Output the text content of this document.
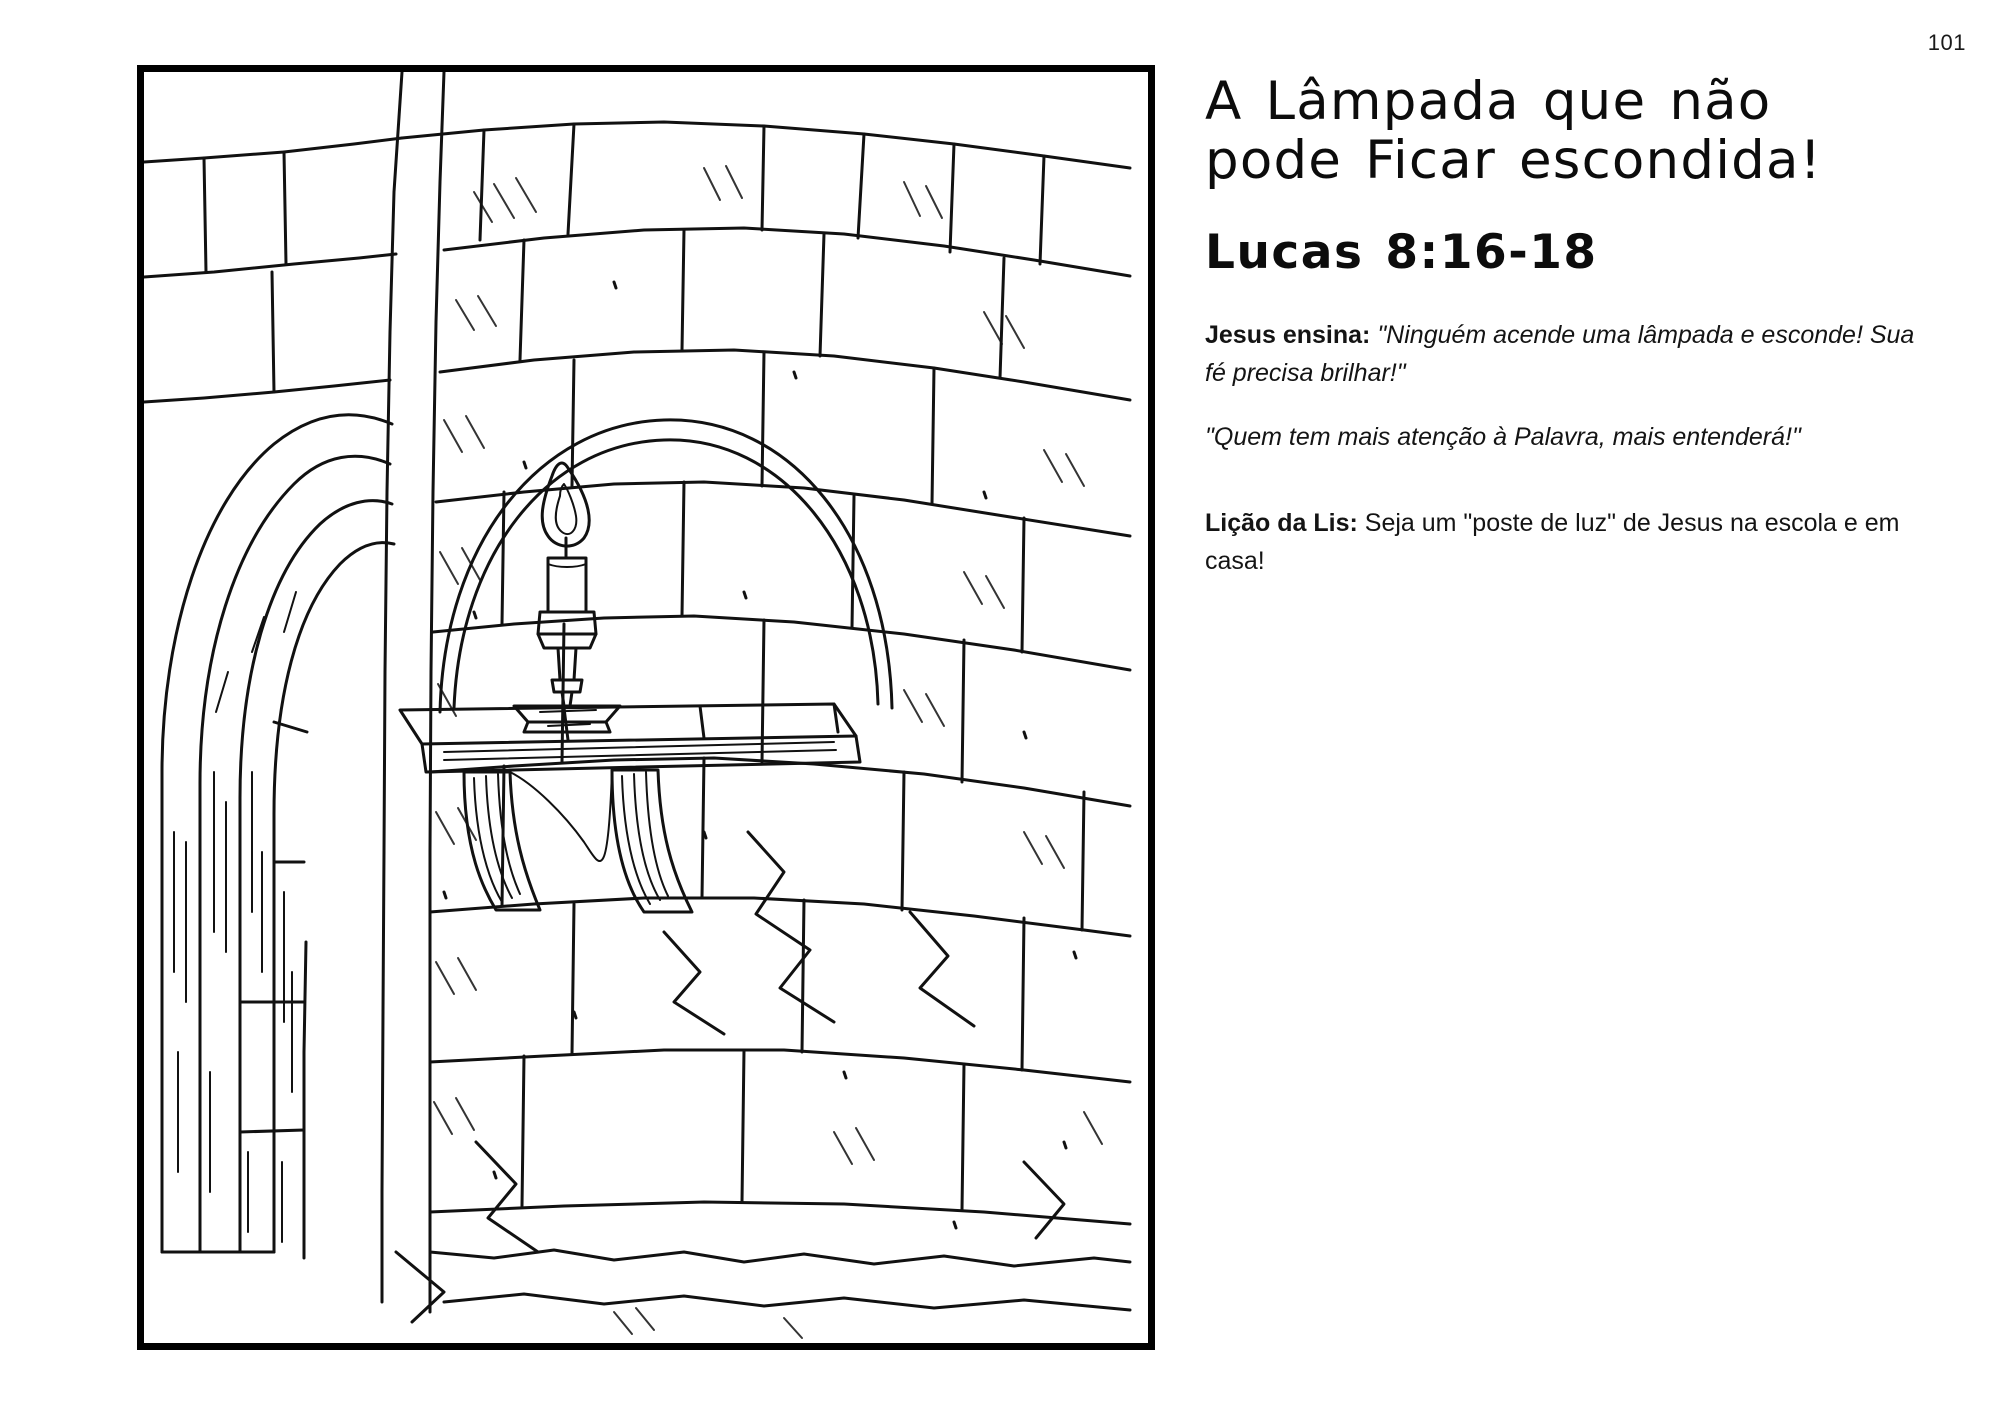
101
A Lâmpada que não pode Ficar escondida!
Lucas 8:16-18

Jesus ensina: "Ninguém acende uma lâmpada e esconde! Sua fé precisa brilhar!"

"Quem tem mais atenção à Palavra, mais entenderá!"

Lição da Lis: Seja um "poste de luz" de Jesus na escola e em casa!
